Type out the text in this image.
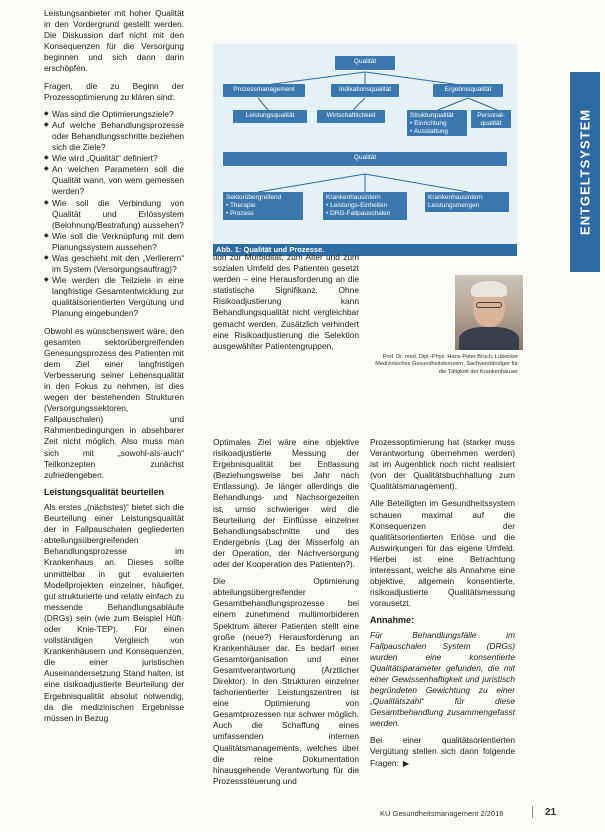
ENTGELTSYSTEM

Leistungsanbieter mit hoher Qualität in den Vordergrund gestellt werden. Die Diskussion darf nicht mit den Konsequenzen für die Versorgung beginnen und sich dann darin erschöpfen.

Fragen, die zu Beginn der Prozessoptimierung zu klären sind:

◆ Was sind die Optimierungsziele?
◆ Auf welche Behandlungsprozesse oder Behandlungsschritte beziehen sich die Ziele?
◆ Wie wird „Qualität“ definiert?
◆ An welchen Parametern soll die Qualität wann, von wem gemessen werden?
◆ Wie soll die Verbindung von Qualität und Erlössystem (Belohnung/Bestrafung) aussehen?
◆ Wie soll die Verknüpfung mit dem Planungssystem aussehen?
◆ Was geschieht mit den „Verlierern“ im System (Versorgungsauftrag)?
◆ Wie werden die Teilziele in eine langfristige Gesamtentwicklung zur qualitätsorientierten Vergütung und Planung eingebunden?

Obwohl es wünschenswert wäre, den gesamten sektorübergreifenden Genesungsprozess des Patienten mit dem Ziel einer langfristigen Verbesserung seiner Lebensqualität in den Fokus zu nehmen, ist dies wegen der bestehenden Strukturen (Versorgungssektoren, Fallpauschalen) und Rahmenbedingungen in absehbarer Zeit nicht möglich. Also muss man sich mit „sowohl-als-auch“ Teilkonzepten zunächst zufriedengeben.

Leistungsqualität beurteilen

Als erstes „(nächstes)“ bietet sich die Beurteilung einer Leistungsqualität der in Fallpauschalen gegliederten abteilungsübergreifenden Behandlungsprozesse im Krankenhaus an. Dieses sollte unmittelbar in gut evaluierten Modellprojekten einzelner, häufiger, gut strukturierte und relativ einfach zu messende Behandlungsabläufe (DRGs) sein (wie zum Beispiel Hüft- oder Knie-TEP). Für einen vollständigen Vergleich von Krankenhäusern und Konsequenzen, die einer juristischen Auseinandersetzung Stand halten, ist eine risikoadjustierte Beurteilung der Ergebnisqualität absolut notwendig, da die medizinischen Ergebnisse müssen in Bezug

Qualität
Prozessmanagement	Indikationsqualität	Ergebnisqualität
Leistungsqualität	Wirtschaftlichkeit	Strukturqualität
• Einrichtung
• Ausstattung
Personal-
qualität
Qualität
Sektorübergreifend
• Therapie
• Prozess
Krankenhausintern
• Leistungs-Einheiten
• DRG-Fallpauschalen
Krankenhausintern
Leistungsmengen
Abb. 1: Qualität und Prozesse.

tion zur Morbidität, zum Alter und zum sozialen Umfeld des Patienten gesetzt werden – eine Herausforderung an die statistische Signifikanz. Ohne Risikoadjustierung kann Behandlungsqualität nicht vergleichbar gemacht werden. Zusätzlich verhindert eine Risikoadjustierung die Selektion ausgewählter Patientengruppen.

Optimales Ziel wäre eine objektive risikoadjustierte Messung der Ergebnisqualität bei Entlassung (Beziehungsweise bei Jahr nach Entlassung). Je länger allerdings die Behandlungs- und Nachsorgezeiten ist, umso schwieriger wird die Beurteilung der Einflüsse einzelner Behandlungsabschnitte und des Endergebnis (Lag der Misserfolg an der Operation, der Nachversorgung oder der Kooperation des Patienten?).

Die Optimierung abteilungsübergreifender Gesamtbehandlungsprozesse bei einem zunehmend multimorbideren Spektrum älterer Patienten stellt eine große (neue?) Herausforderung an Krankenhäuser dar. Es bedarf einer Gesamtorganisation und einer Gesamtverantwortung (Ärztlicher Direktor). In den Strukturen einzelner fachorientierter Leistungszentren ist eine Optimierung von Gesamtprozessen nur schwer möglich. Auch die Schaffung eines umfassenden internen Qualitätsmanagements, welches über die reine Dokumentation hinausgehende Verantwortung für die Prozesssteuerung und

Prof. Dr. med. Dipl.-Phys. Hans-Peter Bruch, Lübecker Medizinisches Gesundheitskonzern, Sachverständiger für die Tätigkeit der Krankenhäuser

Prozessoptimierung hat (starker muss Verantwortung übernehmen werden) ist im Augenblick noch nicht realisiert (von der Qualitätsbuchhaltung zum Qualitätsmanagement).

Alle Beteiligten im Gesundheitssystem schauen maximal auf die Konsequenzen der qualitätsorientierten Erlöse und die Auswirkungen für das eigene Umfeld. Hierbei ist eine Betrachtung interessant, welche als Annahme eine objektive, allgemein konsentierte, risikoadjustierte Qualitätsmessung vorausetzt.

Annahme:

Für Behandlungsfälle im Fallpauschalen System (DRGs) wurden eine konsentierte Qualitätsparameter gefunden, die mit einer Gewissenhaftigkeit und juristisch begründeten Gewichtung zu einer „Qualitätszahl“ für diese Gesamtbehandlung zusammengefasst werden.

Bei einer qualitätsorientierten Vergütung stellen sich dann folgende Fragen: ▶

KU Gesundheitsmanagement 2/2016	21
